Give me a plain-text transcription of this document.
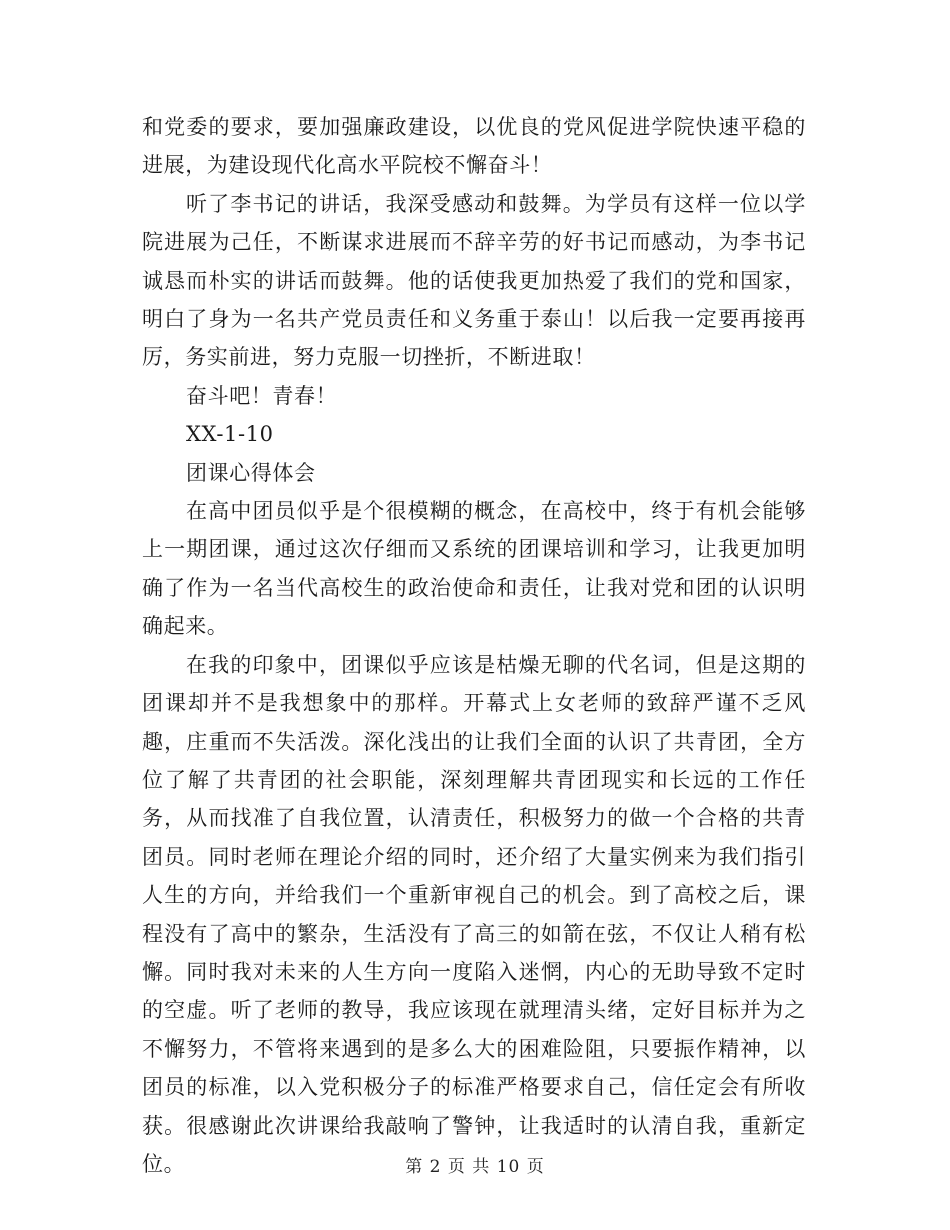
和党委的要求，要加强廉政建设，以优良的党风促进学院快速平稳的进展，为建设现代化高水平院校不懈奋斗！

听了李书记的讲话，我深受感动和鼓舞。为学员有这样一位以学院进展为己任，不断谋求进展而不辞辛劳的好书记而感动，为李书记诚恳而朴实的讲话而鼓舞。他的话使我更加热爱了我们的党和国家，明白了身为一名共产党员责任和义务重于泰山！以后我一定要再接再厉，务实前进，努力克服一切挫折，不断进取！

奋斗吧！青春！

XX-1-10

团课心得体会

在高中团员似乎是个很模糊的概念，在高校中，终于有机会能够上一期团课，通过这次仔细而又系统的团课培训和学习，让我更加明确了作为一名当代高校生的政治使命和责任，让我对党和团的认识明确起来。

在我的印象中，团课似乎应该是枯燥无聊的代名词，但是这期的团课却并不是我想象中的那样。开幕式上女老师的致辞严谨不乏风趣，庄重而不失活泼。深化浅出的让我们全面的认识了共青团，全方位了解了共青团的社会职能，深刻理解共青团现实和长远的工作任务，从而找准了自我位置，认清责任，积极努力的做一个合格的共青团员。同时老师在理论介绍的同时，还介绍了大量实例来为我们指引人生的方向，并给我们一个重新审视自己的机会。到了高校之后，课程没有了高中的繁杂，生活没有了高三的如箭在弦，不仅让人稍有松懈。同时我对未来的人生方向一度陷入迷惘，内心的无助导致不定时的空虚。听了老师的教导，我应该现在就理清头绪，定好目标并为之不懈努力，不管将来遇到的是多么大的困难险阻，只要振作精神，以团员的标准，以入党积极分子的标准严格要求自己，信任定会有所收获。很感谢此次讲课给我敲响了警钟，让我适时的认清自我，重新定位。	第 2 页 共 10 页
